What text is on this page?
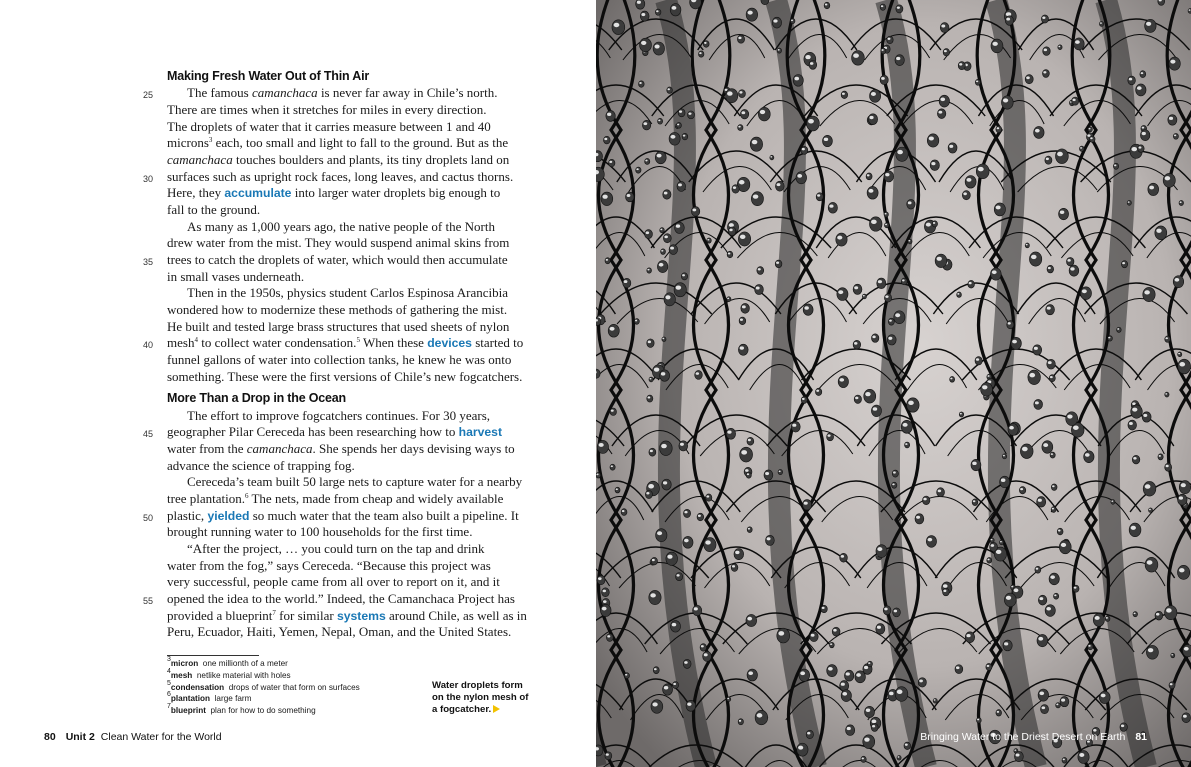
Making Fresh Water Out of Thin Air
25
30
35
40
45
50
55
The famous camanchaca is never far away in Chile’s north.
There are times when it stretches for miles in every direction.
The droplets of water that it carries measure between 1 and 40
microns$^3$ each, too small and light to fall to the ground. But as the
camanchaca touches boulders and plants, its tiny droplets land on
surfaces such as upright rock faces, long leaves, and cactus thorns.
Here, they accumulate into larger water droplets big enough to
fall to the ground.
As many as 1,000 years ago, the native people of the North
drew water from the mist. They would suspend animal skins from
trees to catch the droplets of water, which would then accumulate
in small vases underneath.
Then in the 1950s, physics student Carlos Espinosa Arancibia
wondered how to modernize these methods of gathering the mist.
He built and tested large brass structures that used sheets of nylon
mesh$^4$ to collect water condensation.$^5$ When these devices started to
funnel gallons of water into collection tanks, he knew he was onto
something. These were the first versions of Chile’s new fogcatchers.
More Than a Drop in the Ocean
The effort to improve fogcatchers continues. For 30 years,
geographer Pilar Cereceda has been researching how to harvest
water from the camanchaca. She spends her days devising ways to
advance the science of trapping fog.
Cereceda’s team built 50 large nets to capture water for a nearby
tree plantation.$^6$ The nets, made from cheap and widely available
plastic, yielded so much water that the team also built a pipeline. It
brought running water to 100 households for the first time.
“After the project, … you could turn on the tap and drink
water from the fog,” says Cereceda. “Because this project was
very successful, people came from all over to report on it, and it
opened the idea to the world.” Indeed, the Camanchaca Project has
provided a blueprint$^7$ for similar systems around Chile, as well as in
Peru, Ecuador, Haiti, Yemen, Nepal, Oman, and the United States.
$^3$micron one millionth of a meter
$^4$mesh netlike material with holes
$^5$condensation drops of water that form on surfaces
$^6$plantation large farm
$^7$blueprint plan for how to do something
Water droplets form
on the nylon mesh of
a fogcatcher.
80 Unit 2 Clean Water for the World	Bringing Water to the Driest Desert on Earth 81
